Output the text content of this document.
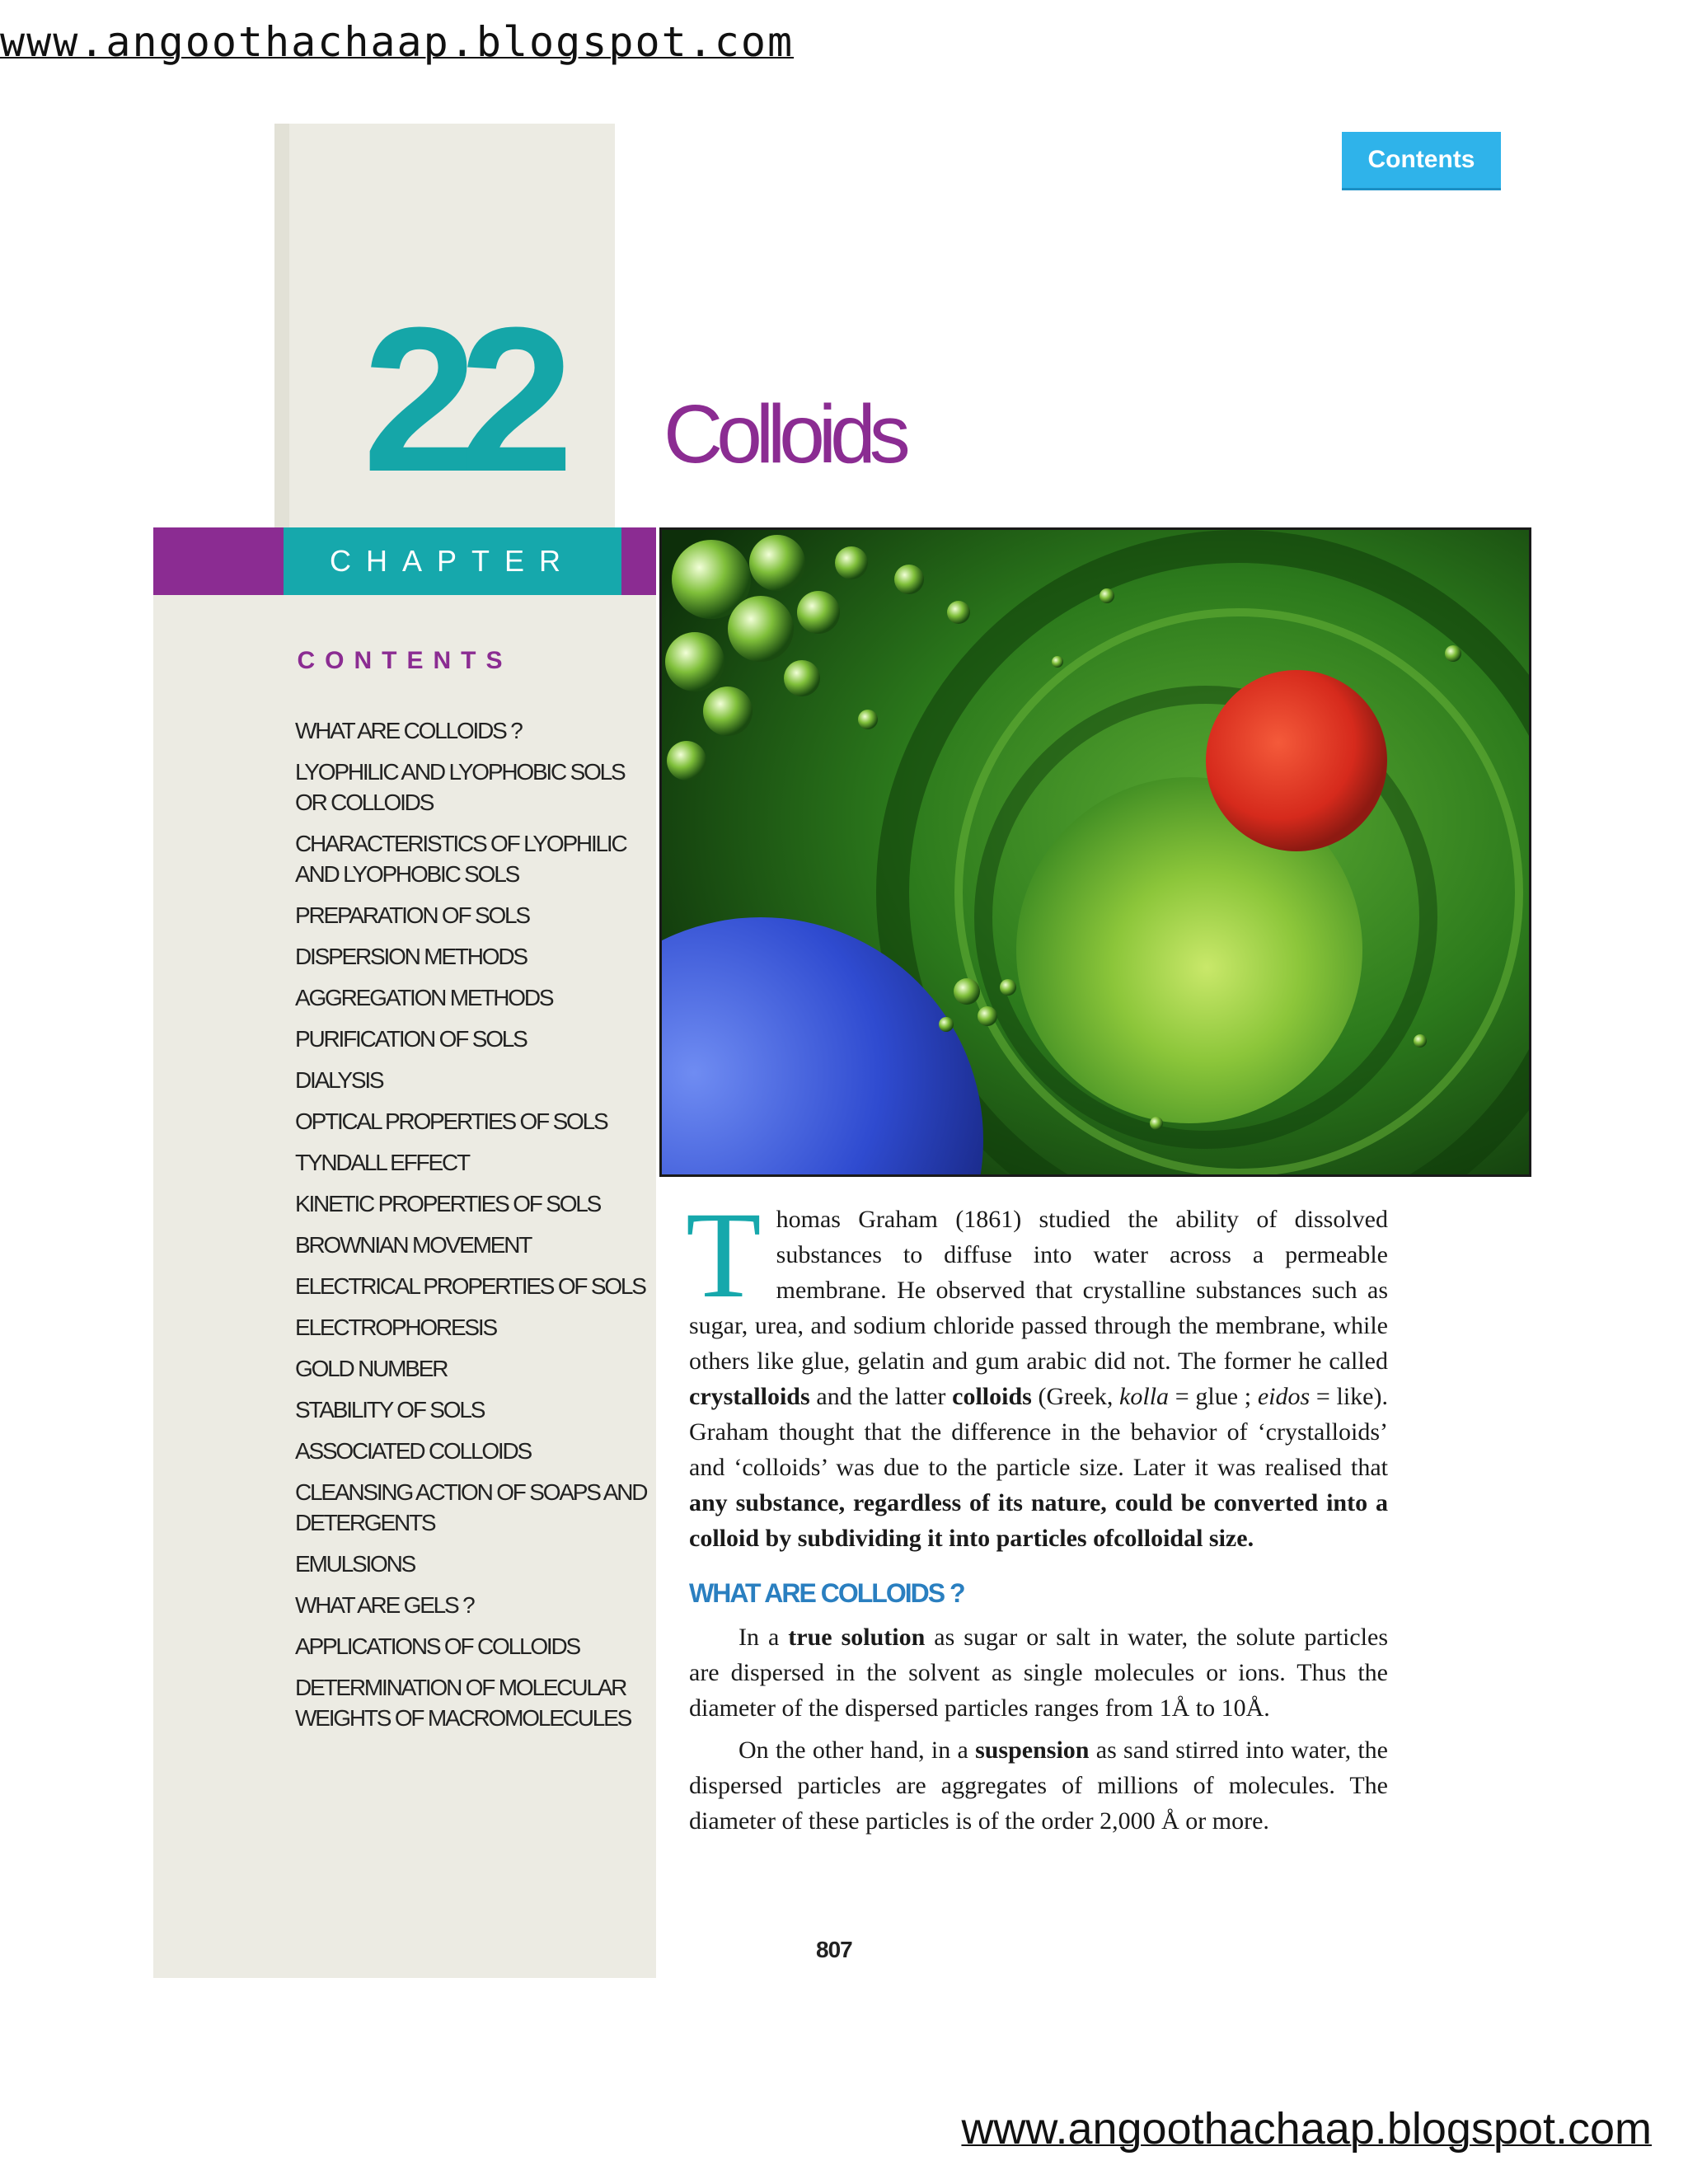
www.angoothachaap.blogspot.com
22	Colloids
Contents
CHAPTER
CONTENTS
WHAT ARE COLLOIDS ?
LYOPHILIC AND LYOPHOBIC SOLS OR COLLOIDS
CHARACTERISTICS OF LYOPHILIC AND LYOPHOBIC SOLS
PREPARATION OF SOLS
DISPERSION METHODS
AGGREGATION METHODS
PURIFICATION OF SOLS
DIALYSIS
OPTICAL PROPERTIES OF SOLS
TYNDALL EFFECT
KINETIC PROPERTIES OF SOLS
BROWNIAN MOVEMENT
ELECTRICAL PROPERTIES OF SOLS
ELECTROPHORESIS
GOLD NUMBER
STABILITY OF SOLS
ASSOCIATED COLLOIDS
CLEANSING ACTION OF SOAPS AND DETERGENTS
EMULSIONS
WHAT ARE GELS ?
APPLICATIONS OF COLLOIDS
DETERMINATION OF MOLECULAR WEIGHTS OF MACROMOLECULES
T homas Graham (1861) studied the ability of dissolved substances to diffuse into water across a permeable membrane. He observed that crystalline substances such as sugar, urea, and sodium chloride passed through the membrane, while others like glue, gelatin and gum arabic did not. The former he called crystalloids and the latter colloids (Greek, kolla = glue ; eidos = like). Graham thought that the difference in the behavior of ‘crystalloids’ and ‘colloids’ was due to the particle size. Later it was realised that any substance, regardless of its nature, could be converted into a colloid by subdividing it into particles ofcolloidal size.

WHAT ARE COLLOIDS ?

In a true solution as sugar or salt in water, the solute particles are dispersed in the solvent as single molecules or ions. Thus the diameter of the dispersed particles ranges from 1Å to 10Å.

On the other hand, in a suspension as sand stirred into water, the dispersed particles are aggregates of millions of molecules. The diameter of these particles is of the order 2,000 Å or more.

807
www.angoothachaap.blogspot.com
